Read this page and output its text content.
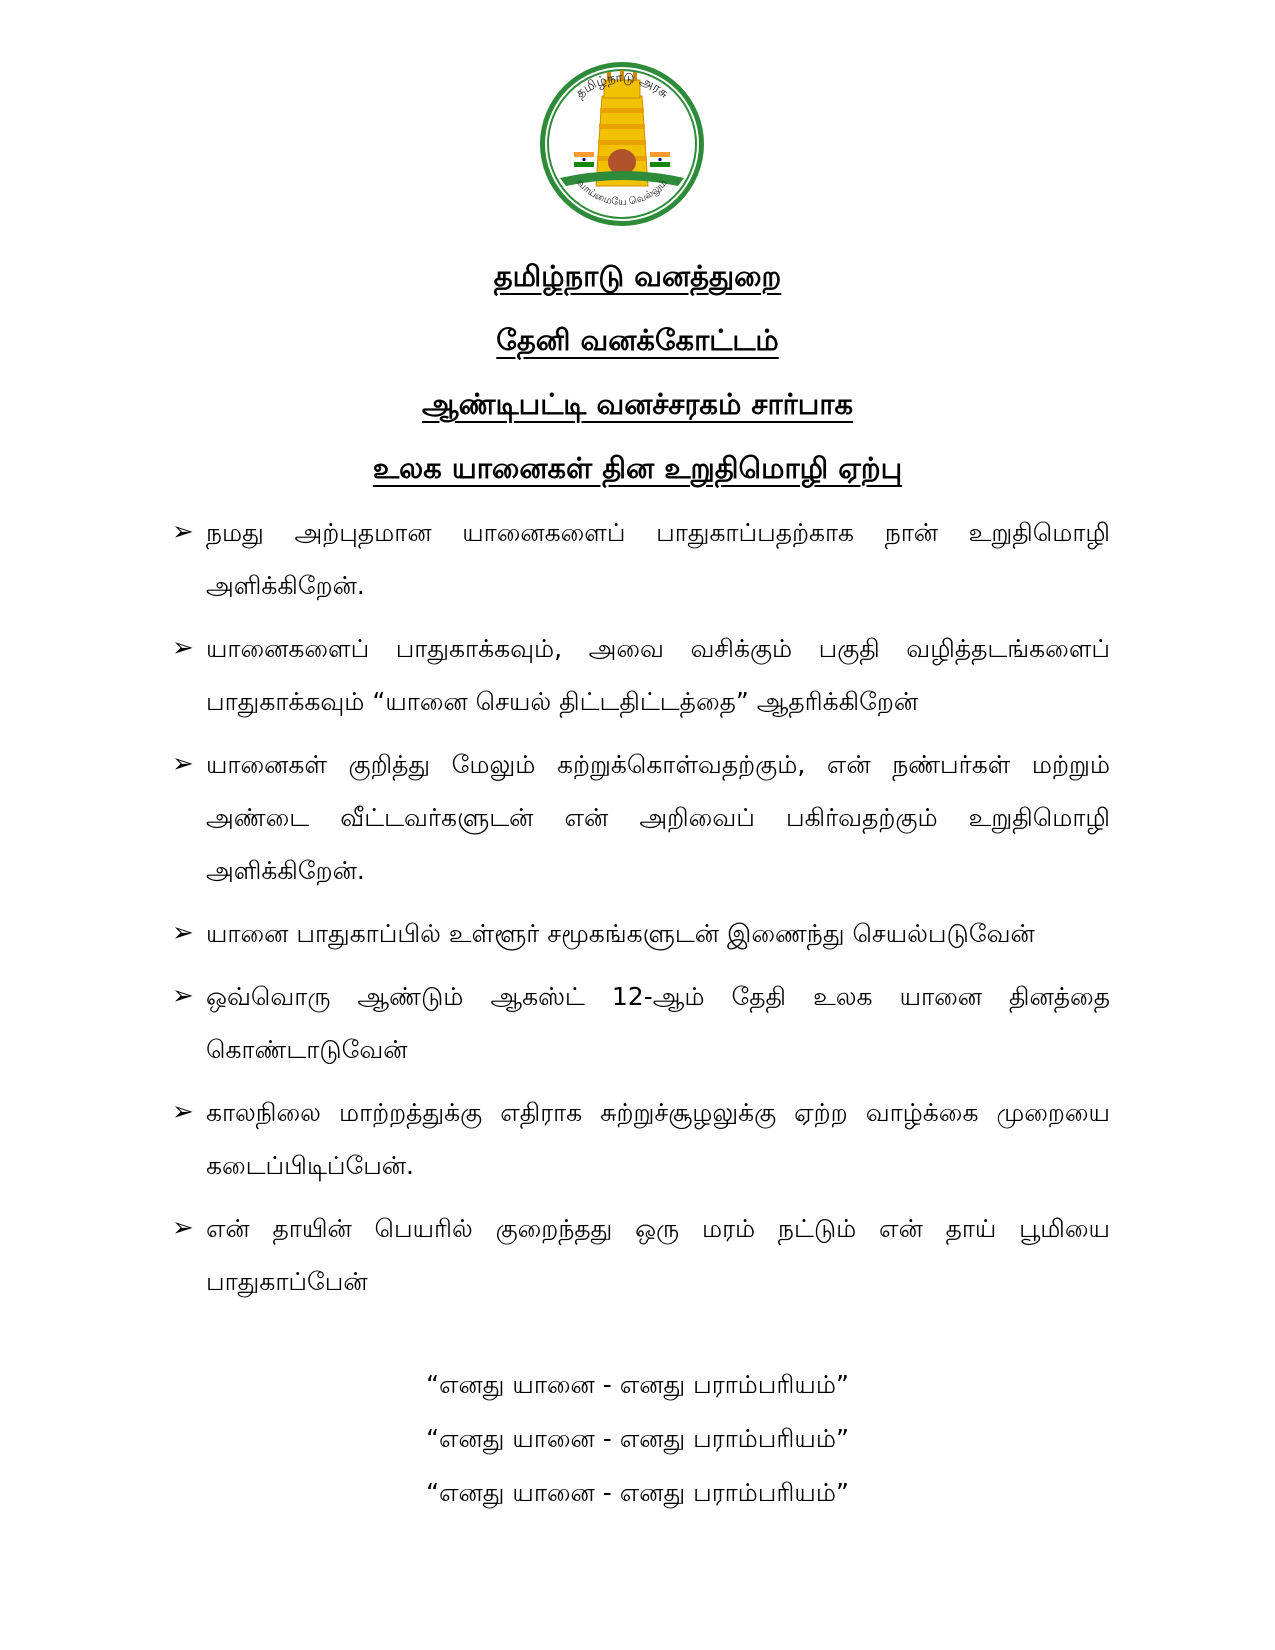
தமிழ்நாடு அரசு
வாய்மையே வெல்லும்
தமிழ்நாடு வனத்துறை
தேனி வனக்கோட்டம்
ஆண்டிபட்டி வனச்சரகம் சார்பாக
உலக யானைகள் தின உறுதிமொழி ஏற்பு
➢ நமது அற்புதமான யானைகளைப் பாதுகாப்பதற்காக நான் உறுதிமொழி அளிக்கிறேன்.
➢ யானைகளைப் பாதுகாக்கவும், அவை வசிக்கும் பகுதி வழித்தடங்களைப் பாதுகாக்கவும் “யானை செயல் திட்டதிட்டத்தை” ஆதரிக்கிறேன்
➢ யானைகள் குறித்து மேலும் கற்றுக்கொள்வதற்கும், என் நண்பர்கள் மற்றும் அண்டை வீட்டவர்களுடன் என் அறிவைப் பகிர்வதற்கும் உறுதிமொழி அளிக்கிறேன்.
➢ யானை பாதுகாப்பில் உள்ளூர் சமூகங்களுடன் இணைந்து செயல்படுவேன்
➢ ஒவ்வொரு ஆண்டும் ஆகஸ்ட் 12-ஆம் தேதி உலக யானை தினத்தை கொண்டாடுவேன்
➢ காலநிலை மாற்றத்துக்கு எதிராக சுற்றுச்சூழலுக்கு ஏற்ற வாழ்க்கை முறையை கடைப்பிடிப்பேன்.
➢ என் தாயின் பெயரில் குறைந்தது ஒரு மரம் நட்டும் என் தாய் பூமியை பாதுகாப்பேன்
“எனது யானை - எனது பராம்பரியம்”
“எனது யானை - எனது பராம்பரியம்”
“எனது யானை - எனது பராம்பரியம்”
